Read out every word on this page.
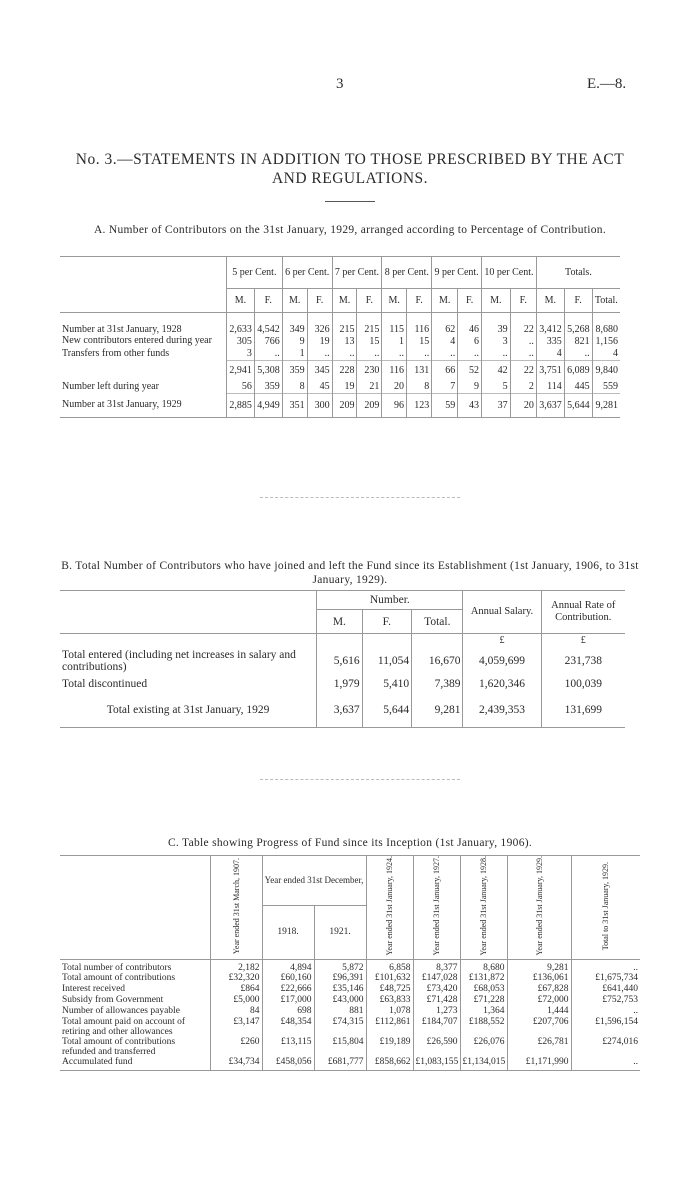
3	E.—8.
No. 3.—STATEMENTS IN ADDITION TO THOSE PRESCRIBED BY THE ACT AND REGULATIONS.
A. Number of Contributors on the 31st January, 1929, arranged according to Percentage of Contribution.
	5 per Cent.		6 per Cent.		7 per Cent.		8 per Cent.		9 per Cent.		10 per Cent.		Totals.		
	M.	F.	M.	F.	M.	F.	M.	F.	M.	F.	M.	F.	M.	F.	Total.
Number at 31st January, 1928	2,633	4,542	349	326	215	215	115	116	62	46	39	22	3,412	5,268	8,680
New contributors entered during year	305	766	9	19	13	15	1	15	4	6	3	..	335	821	1,156
Transfers from other funds	3	..	1	..	..	..	..	..	..	..	..	..	4	..	4
	2,941	5,308	359	345	228	230	116	131	66	52	42	22	3,751	6,089	9,840
Number left during year	56	359	8	45	19	21	20	8	7	9	5	2	114	445	559
Number at 31st January, 1929	2,885	4,949	351	300	209	209	96	123	59	43	37	20	3,637	5,644	9,281
B. Total Number of Contributors who have joined and left the Fund since its Establishment (1st January, 1906, to 31st January, 1929).
	Number.			Annual Salary.	Annual Rate of Contribution.
	M.	F.	Total.		
				£	£
Total entered (including net increases in salary and contributions)	5,616	11,054	16,670	4,059,699	231,738
Total discontinued	1,979	5,410	7,389	1,620,346	100,039
Total existing at 31st January, 1929	3,637	5,644	9,281	2,439,353	131,699
C. Table showing Progress of Fund since its Inception (1st January, 1906).
	Year ended 31st March, 1907.	Year ended 31st December,		Year ended 31st January, 1924.	Year ended 31st January, 1927.	Year ended 31st January, 1928.	Year ended 31st January, 1929.	Total to 31st January, 1929.
		1918.	1921.					
Total number of contributors	2,182	4,894	5,872	6,858	8,377	8,680	9,281	..
Total amount of contributions	£32,320	£60,160	£96,391	£101,632	£147,028	£131,872	£136,061	£1,675,734
Interest received	£864	£22,666	£35,146	£48,725	£73,420	£68,053	£67,828	£641,440
Subsidy from Government	£5,000	£17,000	£43,000	£63,833	£71,428	£71,228	£72,000	£752,753
Number of allowances payable	84	698	881	1,078	1,273	1,364	1,444	..
Total amount paid on account of retiring and other allowances	£3,147	£48,354	£74,315	£112,861	£184,707	£188,552	£207,706	£1,596,154
Total amount of contributions refunded and transferred	£260	£13,115	£15,804	£19,189	£26,590	£26,076	£26,781	£274,016
Accumulated fund	£34,734	£458,056	£681,777	£858,662	£1,083,155	£1,134,015	£1,171,990	..
